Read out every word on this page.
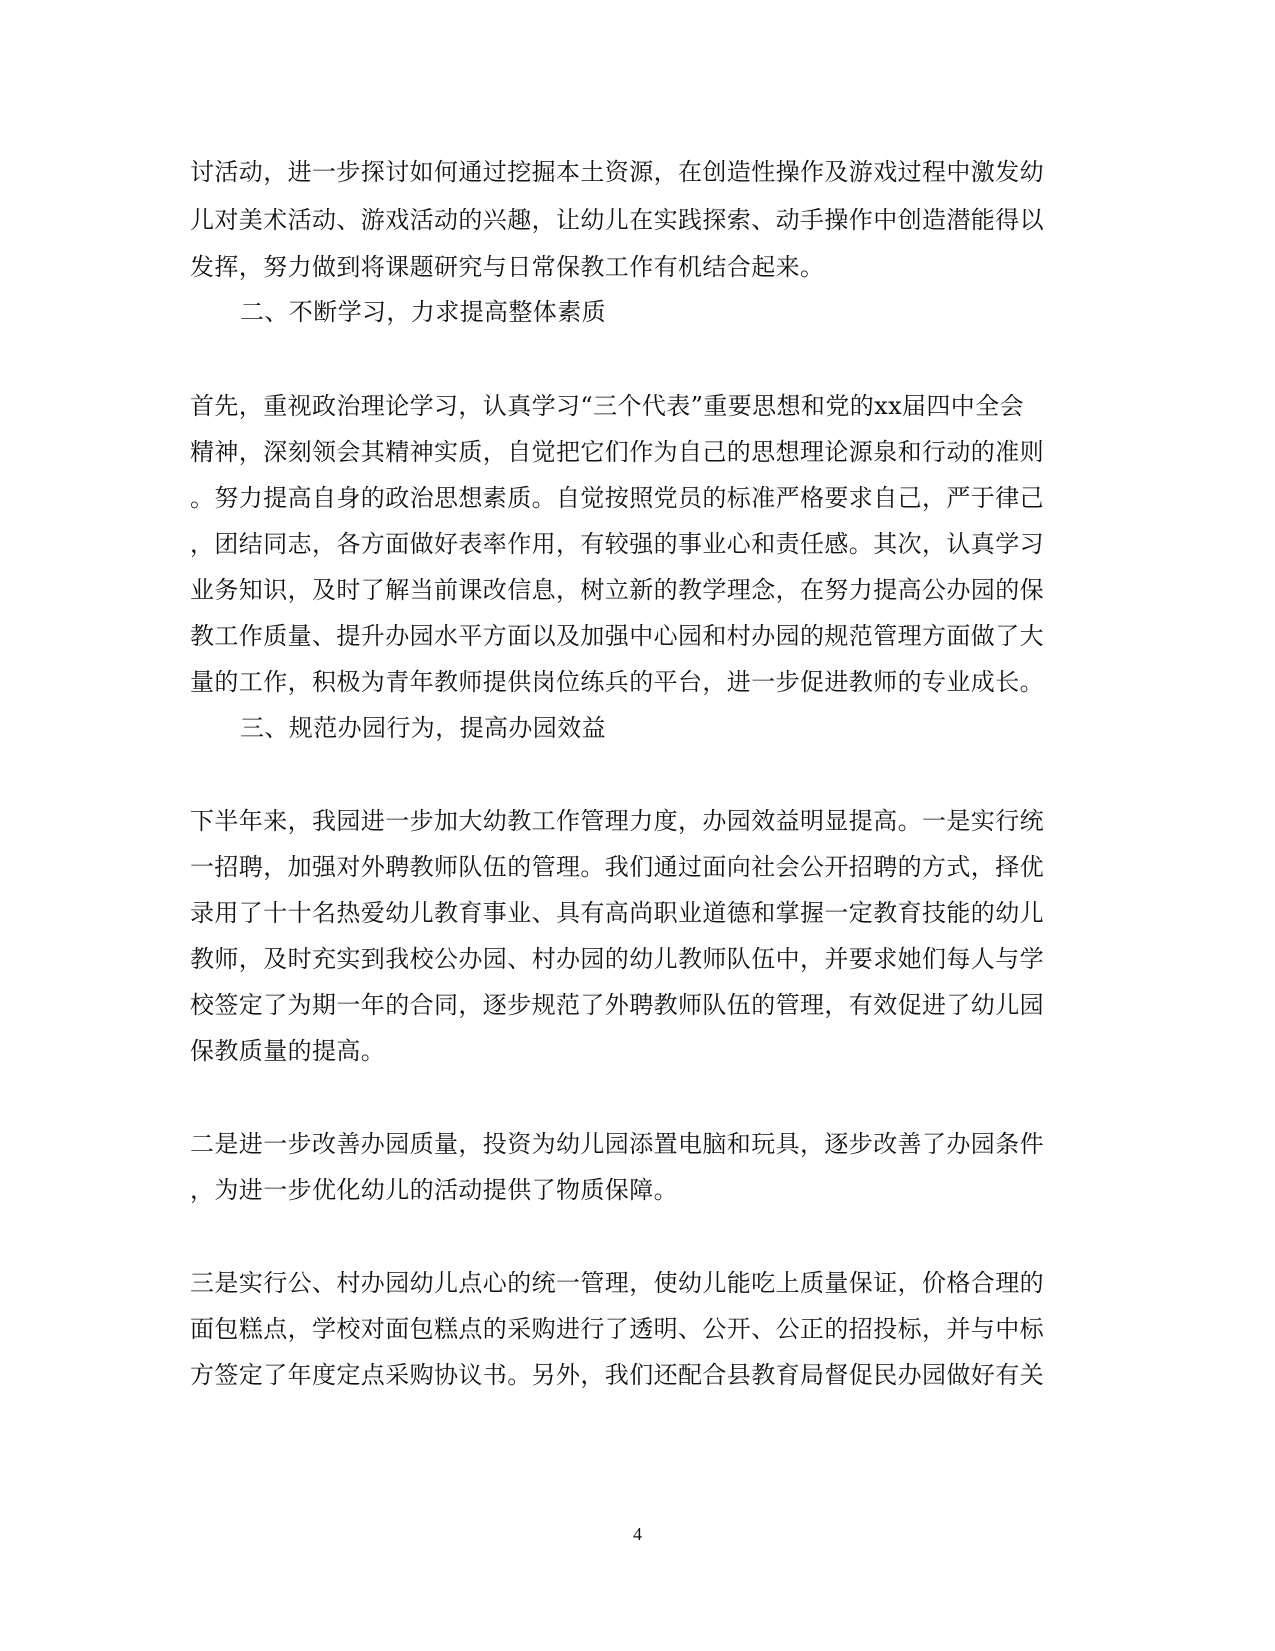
讨活动，进一步探讨如何通过挖掘本土资源，在创造性操作及游戏过程中激发幼
儿对美术活动、游戏活动的兴趣，让幼儿在实践探索、动手操作中创造潜能得以
发挥，努力做到将课题研究与日常保教工作有机结合起来。
二、不断学习，力求提高整体素质
首先，重视政治理论学习，认真学习“三个代表”重要思想和党的xx届四中全会
精神，深刻领会其精神实质，自觉把它们作为自己的思想理论源泉和行动的准则
。努力提高自身的政治思想素质。自觉按照党员的标准严格要求自己，严于律己
，团结同志，各方面做好表率作用，有较强的事业心和责任感。其次，认真学习
业务知识，及时了解当前课改信息，树立新的教学理念，在努力提高公办园的保
教工作质量、提升办园水平方面以及加强中心园和村办园的规范管理方面做了大
量的工作，积极为青年教师提供岗位练兵的平台，进一步促进教师的专业成长。
三、规范办园行为，提高办园效益
下半年来，我园进一步加大幼教工作管理力度，办园效益明显提高。一是实行统
一招聘，加强对外聘教师队伍的管理。我们通过面向社会公开招聘的方式，择优
录用了十十名热爱幼儿教育事业、具有高尚职业道德和掌握一定教育技能的幼儿
教师，及时充实到我校公办园、村办园的幼儿教师队伍中，并要求她们每人与学
校签定了为期一年的合同，逐步规范了外聘教师队伍的管理，有效促进了幼儿园
保教质量的提高。
二是进一步改善办园质量，投资为幼儿园添置电脑和玩具，逐步改善了办园条件
，为进一步优化幼儿的活动提供了物质保障。
三是实行公、村办园幼儿点心的统一管理，使幼儿能吃上质量保证，价格合理的
面包糕点，学校对面包糕点的采购进行了透明、公开、公正的招投标，并与中标
方签定了年度定点采购协议书。另外，我们还配合县教育局督促民办园做好有关
4
